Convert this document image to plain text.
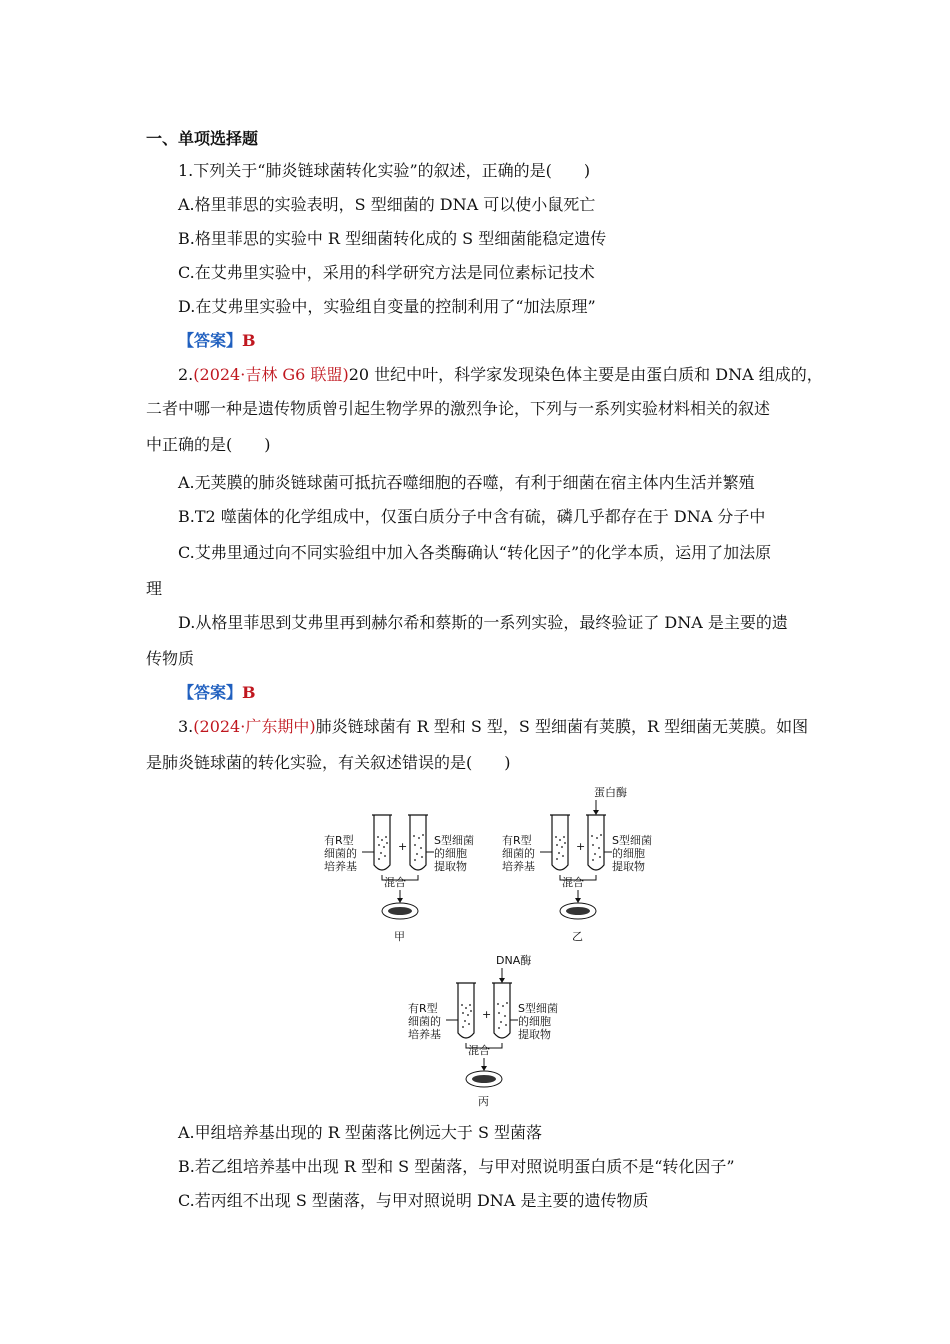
一、单项选择题
1.下列关于“肺炎链球菌转化实验”的叙述，正确的是(　　)
A.格里菲思的实验表明，S 型细菌的 DNA 可以使小鼠死亡
B.格里菲思的实验中 R 型细菌转化成的 S 型细菌能稳定遗传
C.在艾弗里实验中，采用的科学研究方法是同位素标记技术
D.在艾弗里实验中，实验组自变量的控制利用了“加法原理”
【答案】B
2.(2024·吉林 G6 联盟)20 世纪中叶，科学家发现染色体主要是由蛋白质和 DNA 组成的，
二者中哪一种是遗传物质曾引起生物学界的激烈争论，下列与一系列实验材料相关的叙述
中正确的是(　　)
A.无荚膜的肺炎链球菌可抵抗吞噬细胞的吞噬，有利于细菌在宿主体内生活并繁殖
B.T2 噬菌体的化学组成中，仅蛋白质分子中含有硫，磷几乎都存在于 DNA 分子中
C.艾弗里通过向不同实验组中加入各类酶确认“转化因子”的化学本质，运用了加法原
理
D.从格里菲思到艾弗里再到赫尔希和蔡斯的一系列实验，最终验证了 DNA 是主要的遗
传物质
【答案】B
3.(2024·广东期中)肺炎链球菌有 R 型和 S 型，S 型细菌有荚膜，R 型细菌无荚膜。如图
是肺炎链球菌的转化实验，有关叙述错误的是(　　)
+
有R型
细菌的
培养基
S型细菌
的细胞
提取物
混合
甲
蛋白酶
+
有R型
细菌的
培养基
S型细菌
的细胞
提取物
混合
乙
DNA酶
+
有R型
细菌的
培养基
S型细菌
的细胞
提取物
混合
丙
A.甲组培养基出现的 R 型菌落比例远大于 S 型菌落
B.若乙组培养基中出现 R 型和 S 型菌落，与甲对照说明蛋白质不是“转化因子”
C.若丙组不出现 S 型菌落，与甲对照说明 DNA 是主要的遗传物质
